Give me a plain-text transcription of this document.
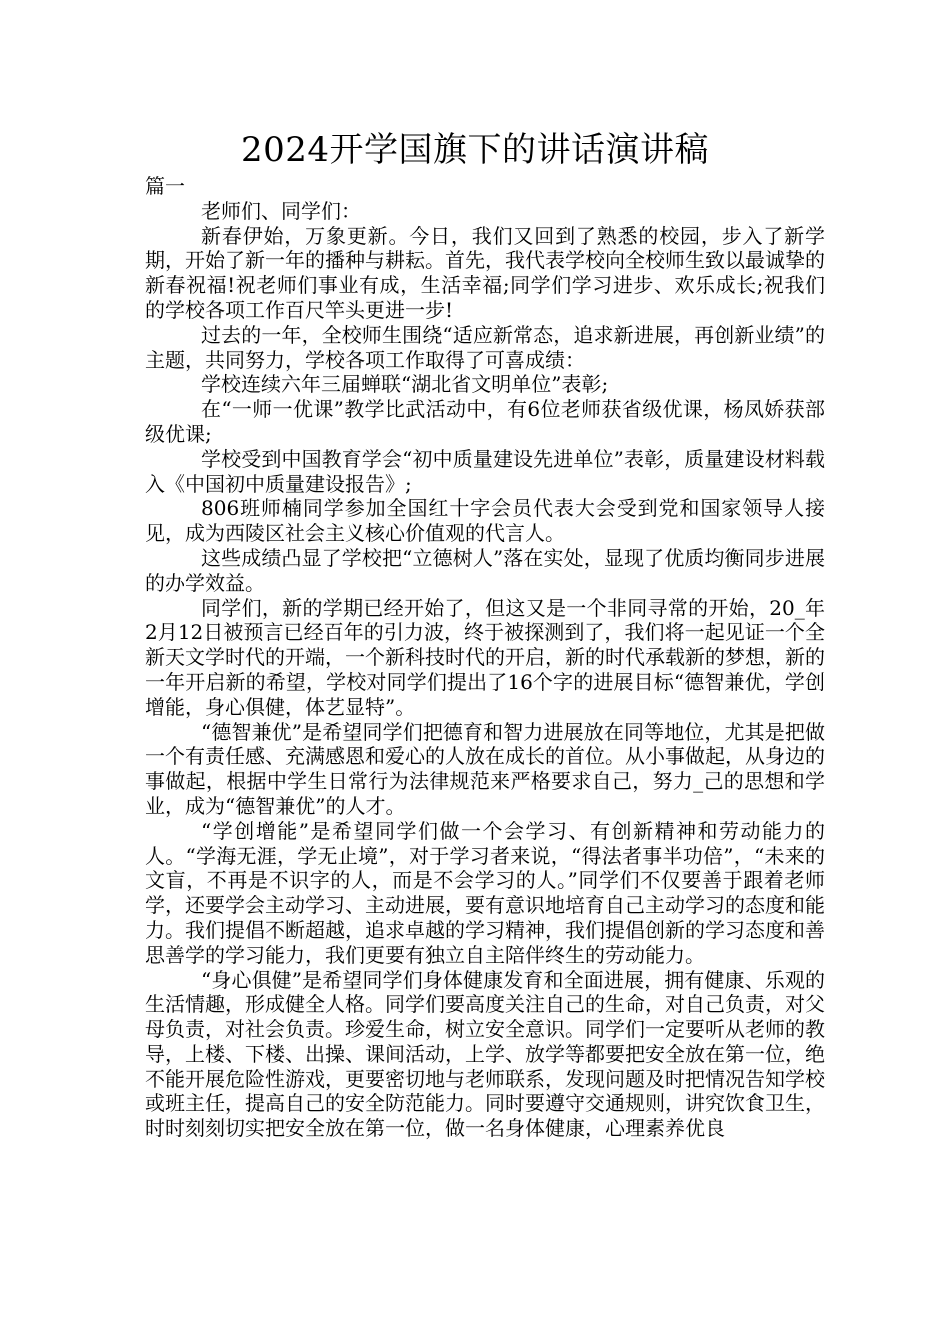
2024开学国旗下的讲话演讲稿

篇一

老师们、同学们：

新春伊始，万象更新。今日，我们又回到了熟悉的校园，步入了新学期，开始了新一年的播种与耕耘。首先，我代表学校向全校师生致以最诚挚的新春祝福!祝老师们事业有成，生活幸福;同学们学习进步、欢乐成长;祝我们的学校各项工作百尺竿头更进一步!

过去的一年，全校师生围绕“适应新常态，追求新进展，再创新业绩”的主题，共同努力，学校各项工作取得了可喜成绩：

学校连续六年三届蝉联“湖北省文明单位”表彰;

在“一师一优课”教学比武活动中，有6位老师获省级优课，杨凤娇获部级优课;

学校受到中国教育学会“初中质量建设先进单位”表彰，质量建设材料载入《中国初中质量建设报告》;

806班师楠同学参加全国红十字会员代表大会受到党和国家领导人接见，成为西陵区社会主义核心价值观的代言人。

这些成绩凸显了学校把“立德树人”落在实处，显现了优质均衡同步进展的办学效益。

同学们，新的学期已经开始了，但这又是一个非同寻常的开始，20_年2月12日被预言已经百年的引力波，终于被探测到了，我们将一起见证一个全新天文学时代的开端，一个新科技时代的开启，新的时代承载新的梦想，新的一年开启新的希望，学校对同学们提出了16个字的进展目标“德智兼优，学创增能，身心俱健，体艺显特”。

“德智兼优”是希望同学们把德育和智力进展放在同等地位，尤其是把做一个有责任感、充满感恩和爱心的人放在成长的首位。从小事做起，从身边的事做起，根据中学生日常行为法律规范来严格要求自己，努力_己的思想和学业，成为“德智兼优”的人才。

“学创增能”是希望同学们做一个会学习、有创新精神和劳动能力的人。“学海无涯，学无止境”，对于学习者来说，“得法者事半功倍”，“未来的文盲，不再是不识字的人，而是不会学习的人。”同学们不仅要善于跟着老师学，还要学会主动学习、主动进展，要有意识地培育自己主动学习的态度和能力。我们提倡不断超越，追求卓越的学习精神，我们提倡创新的学习态度和善思善学的学习能力，我们更要有独立自主陪伴终生的劳动能力。

“身心俱健”是希望同学们身体健康发育和全面进展，拥有健康、乐观的生活情趣，形成健全人格。同学们要高度关注自己的生命，对自己负责，对父母负责，对社会负责。珍爱生命，树立安全意识。同学们一定要听从老师的教导，上楼、下楼、出操、课间活动，上学、放学等都要把安全放在第一位，绝不能开展危险性游戏，更要密切地与老师联系，发现问题及时把情况告知学校或班主任，提高自己的安全防范能力。同时要遵守交通规则，讲究饮食卫生，时时刻刻切实把安全放在第一位，做一名身体健康，心理素养优良
